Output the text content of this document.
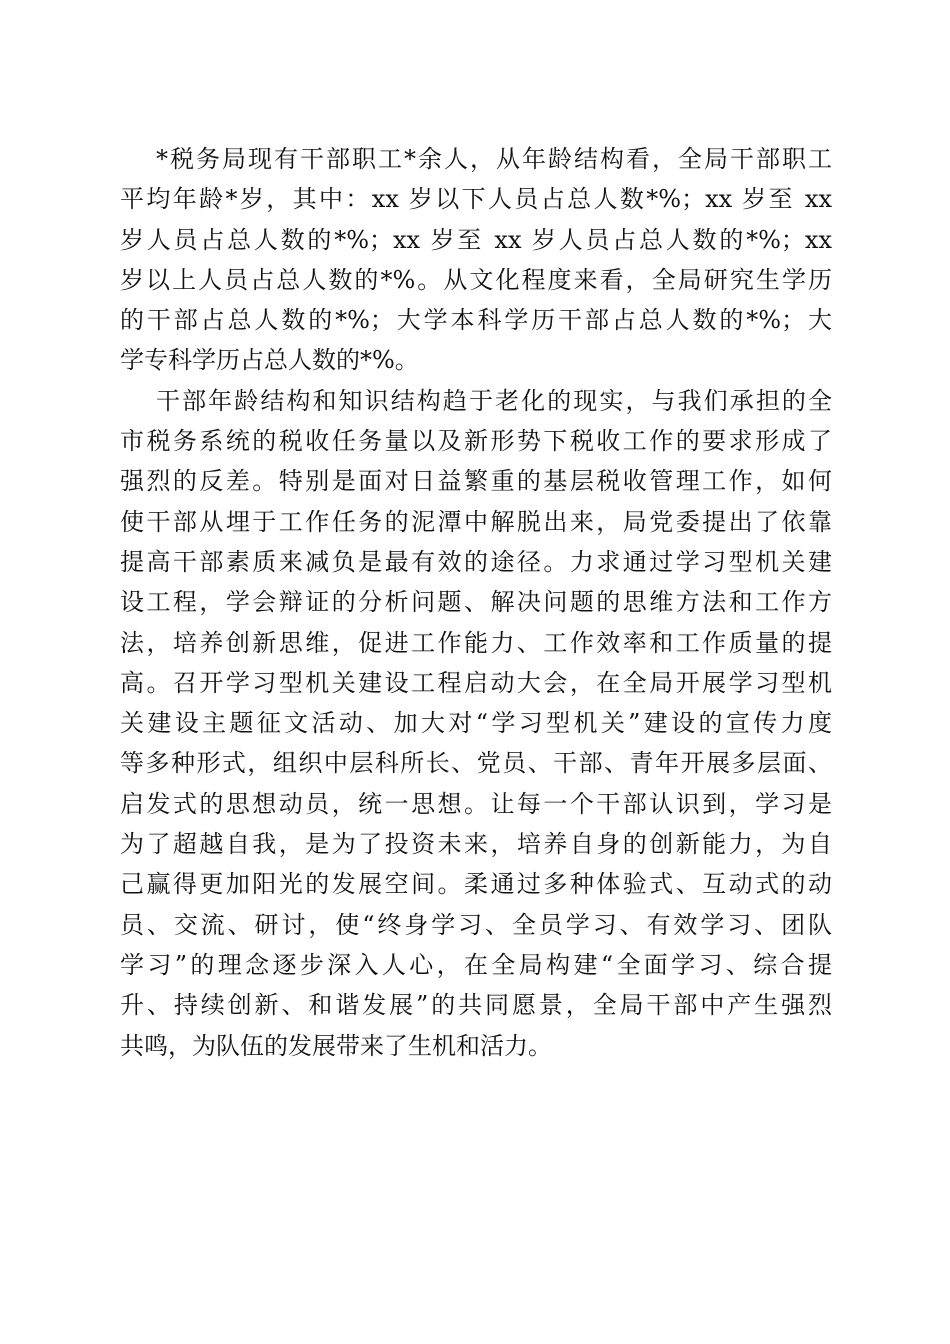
*税务局现有干部职工*余人，从年龄结构看，全局干部职工
平均年龄*岁，其中：xx 岁以下人员占总人数*%；xx 岁至 xx
岁人员占总人数的*%；xx 岁至 xx 岁人员占总人数的*%；xx
岁以上人员占总人数的*%。从文化程度来看，全局研究生学历
的干部占总人数的*%；大学本科学历干部占总人数的*%；大
学专科学历占总人数的*%。
干部年龄结构和知识结构趋于老化的现实，与我们承担的全
市税务系统的税收任务量以及新形势下税收工作的要求形成了
强烈的反差。特别是面对日益繁重的基层税收管理工作，如何
使干部从埋于工作任务的泥潭中解脱出来，局党委提出了依靠
提高干部素质来减负是最有效的途径。力求通过学习型机关建
设工程，学会辩证的分析问题、解决问题的思维方法和工作方
法，培养创新思维，促进工作能力、工作效率和工作质量的提
高。召开学习型机关建设工程启动大会，在全局开展学习型机
关建设主题征文活动、加大对“学习型机关”建设的宣传力度
等多种形式，组织中层科所长、党员、干部、青年开展多层面、
启发式的思想动员，统一思想。让每一个干部认识到，学习是
为了超越自我，是为了投资未来，培养自身的创新能力，为自
己赢得更加阳光的发展空间。柔通过多种体验式、互动式的动
员、交流、研讨，使“终身学习、全员学习、有效学习、团队
学习”的理念逐步深入人心，在全局构建“全面学习、综合提
升、持续创新、和谐发展”的共同愿景，全局干部中产生强烈
共鸣，为队伍的发展带来了生机和活力。
